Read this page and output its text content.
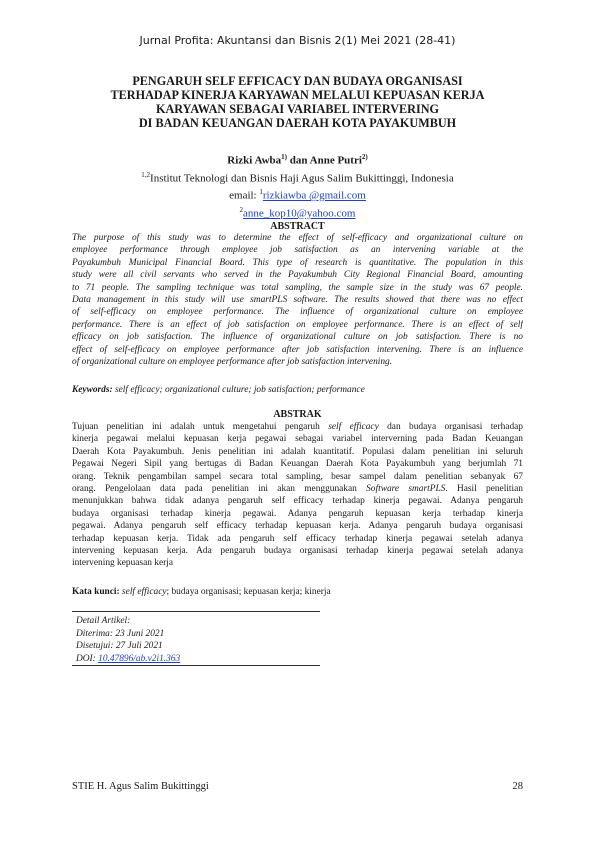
Jurnal Profita: Akuntansi dan Bisnis 2(1) Mei 2021 (28-41)
PENGARUH SELF EFFICACY DAN BUDAYA ORGANISASI
TERHADAP KINERJA KARYAWAN MELALUI KEPUASAN KERJA
KARYAWAN SEBAGAI VARIABEL INTERVERING
DI BADAN KEUANGAN DAERAH KOTA PAYAKUMBUH
Rizki Awba$^{1)}$ dan Anne Putri$^{2)}$
$^{1,2}$Institut Teknologi dan Bisnis Haji Agus Salim Bukittinggi, Indonesia
email: $^1$rizkiawba @gmail.com
$^2$anne_kop10@yahoo.com
ABSTRACT
The purpose of this study was to determine the effect of self-efficacy and organizational culture on
employee performance through employee job satisfaction as an intervening variable at the
Payakumbuh Municipal Financial Board. This type of research is quantitative. The population in this
study were all civil servants who served in the Payakumbuh City Regional Financial Board, amounting
to 71 people. The sampling technique was total sampling, the sample size in the study was 67 people.
Data management in this study will use smartPLS software. The results showed that there was no effect
of self-efficacy on employee performance. The influence of organizational culture on employee
performance. There is an effect of job satisfaction on employee performance. There is an effect of self
efficacy on job satisfaction. The influence of organizational culture on job satisfaction. There is no
effect of self-efficacy on employee performance after job satisfaction intervening. There is an influence
of organizational culture on employee performance after job satisfaction intervening.
Keywords: self efficacy; organizational culture; job satisfaction; performance
ABSTRAK
Tujuan penelitian ini adalah untuk mengetahui pengaruh self efficacy dan budaya organisasi terhadap
kinerja pegawai melalui kepuasan kerja pegawai sebagai variabel interverning pada Badan Keuangan
Daerah Kota Payakumbuh. Jenis penelitian ini adalah kuantitatif. Populasi dalam penelitian ini seluruh
Pegawai Negeri Sipil yang bertugas di Badan Keuangan Daerah Kota Payakumbuh yang berjumlah 71
orang. Teknik pengambilan sampel secara total sampling, besar sampel dalam penelitian sebanyak 67
orang. Pengelolaan data pada penelitian ini akan menggunakan Software smartPLS. Hasil penelitian
menunjukkan bahwa tidak adanya pengaruh self efficacy terhadap kinerja pegawai. Adanya pengaruh
budaya organisasi terhadap kinerja pegawai. Adanya pengaruh kepuasan kerja terhadap kinerja
pegawai. Adanya pengaruh self efficacy terhadap kepuasan kerja. Adanya pengaruh budaya organisasi
terhadap kepuasan kerja. Tidak ada pengaruh self efficacy terhadap kinerja pegawai setelah adanya
intervening kepuasan kerja. Ada pengaruh budaya organisasi terhadap kinerja pegawai setelah adanya
intervening kepuasan kerja
Kata kunci: self efficacy; budaya organisasi; kepuasan kerja; kinerja
Detail Artikel:
Diterima: 23 Juni 2021
Disetujui: 27 Juli 2021
DOI: 10.47896/ab.v2i1.363
STIE H. Agus Salim Bukittinggi	28
